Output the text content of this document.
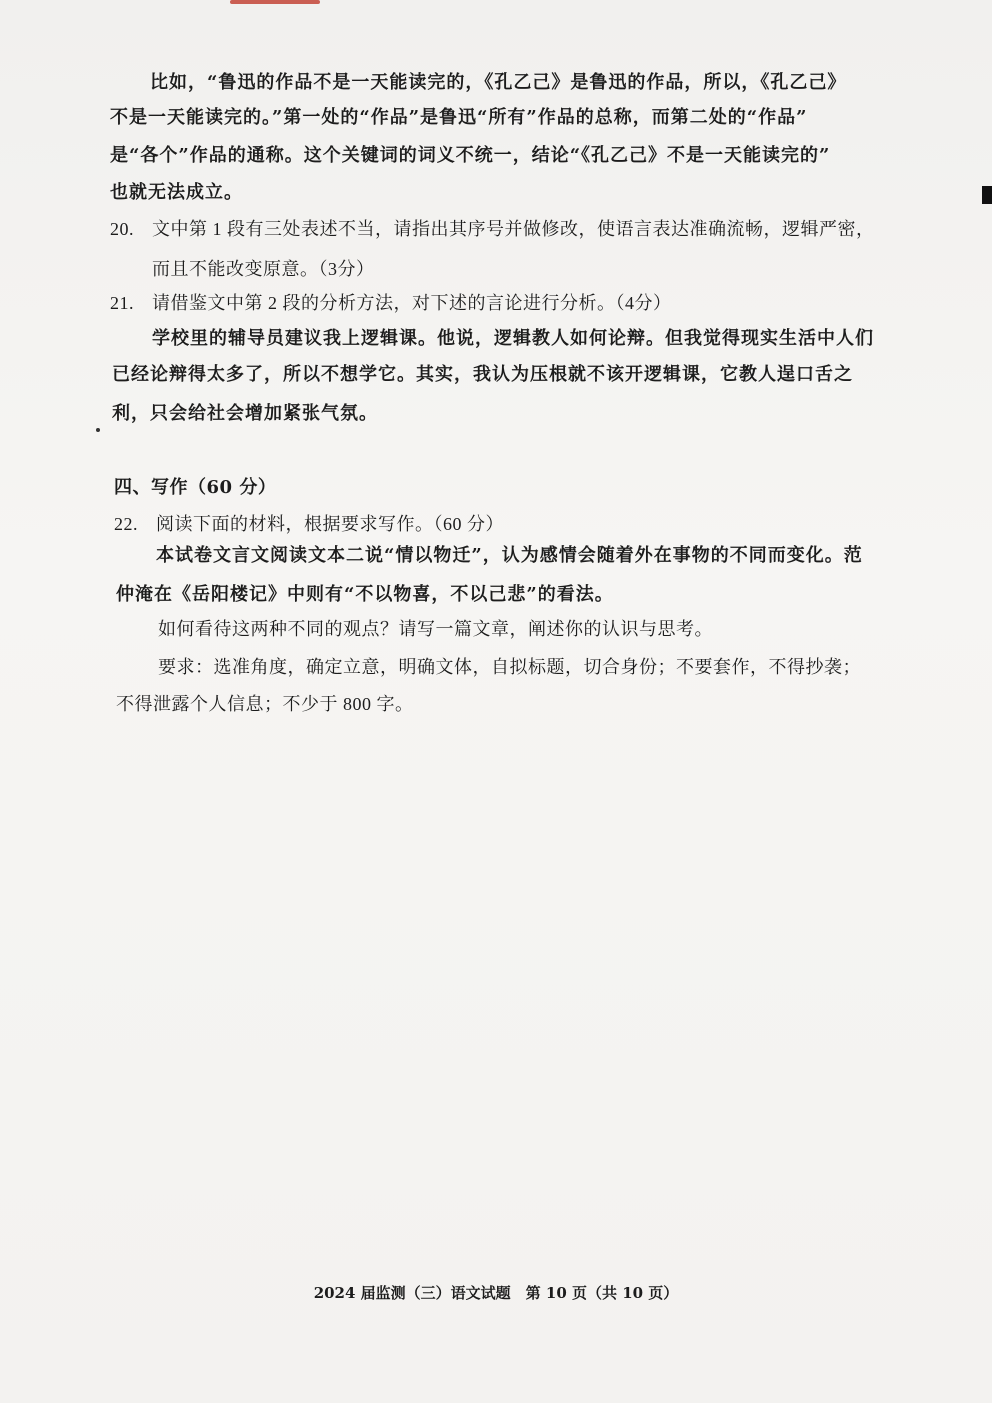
比如，“鲁迅的作品不是一天能读完的，《孔乙己》是鲁迅的作品，所以，《孔乙己》
不是一天能读完的。”第一处的“作品”是鲁迅“所有”作品的总称，而第二处的“作品”
是“各个”作品的通称。这个关键词的词义不统一，结论“《孔乙己》不是一天能读完的”
也就无法成立。
20. 文中第 1 段有三处表述不当，请指出其序号并做修改，使语言表达准确流畅，逻辑严密，
而且不能改变原意。（3分）
21. 请借鉴文中第 2 段的分析方法，对下述的言论进行分析。（4分）
学校里的辅导员建议我上逻辑课。他说，逻辑教人如何论辩。但我觉得现实生活中人们
已经论辩得太多了，所以不想学它。其实，我认为压根就不该开逻辑课，它教人逞口舌之
利，只会给社会增加紧张气氛。
四、写作（60 分）
22. 阅读下面的材料，根据要求写作。（60 分）
本试卷文言文阅读文本二说“情以物迁”，认为感情会随着外在事物的不同而变化。范
仲淹在《岳阳楼记》中则有“不以物喜，不以己悲”的看法。
如何看待这两种不同的观点？请写一篇文章，阐述你的认识与思考。
要求：选准角度，确定立意，明确文体，自拟标题，切合身份；不要套作，不得抄袭；
不得泄露个人信息；不少于 800 字。
2024 届监测（三）语文试题　第 10 页（共 10 页）
